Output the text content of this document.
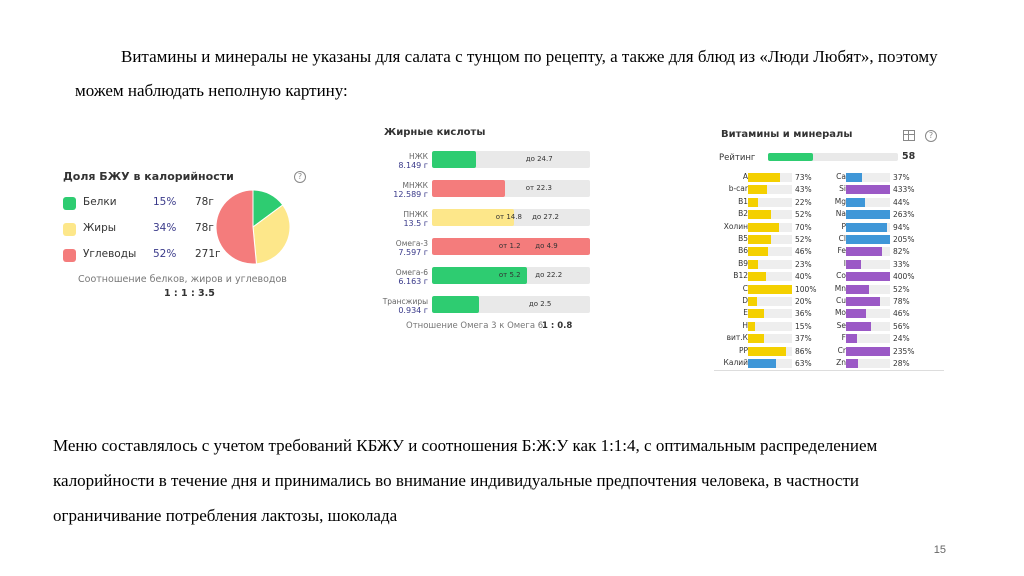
Витамины и минералы не указаны для салата с тунцом по рецепту, а также для блюд из «Люди Любят», поэтому можем наблюдать неполную картину:

Доля БЖУ в калорийности	?
Белки	15% 78г
Жиры	34% 78г
Углеводы 52% 271г
Соотношение белков, жиров и углеводов
1 : 1 : 3.5
Жирные кислоты
НЖК
8.149 г
до 24.7
МНЖК
12.589 г
от 22.3
ПНЖК
13.5 г
от 14.8 до 27.2
Омега-3
7.597 г
от 1.2 до 4.9
Омега-6
6.163 г
от 5.2 до 22.2
Трансжиры
0.934 г
до 2.5
Отношение Омега 3 к Омега 6
1 : 0.8
Витамины и минералы	?
Рейтинг	58
А	73%
b-car	43%
В1	22%
В2	52%
Холин	70%
В5	52%
В6	46%
В9	23%
В12	40%
C	100%
D	20%
E	36%
H	15%
вит.К	37%
PP	86%
Калий	63%
Ca	37%
Si	433%
Mg	44%
Na	263%
P	94%
Cl	205%
Fe	82%
I	33%
Co	400%
Mn	52%
Cu	78%
Mo	46%
Se	56%
F	24%
Cr	235%
Zn	28%

Меню составлялось с учетом требований КБЖУ и соотношения Б:Ж:У как 1:1:4, с оптимальным распределением калорийности в течение дня и принимались во внимание индивидуальные предпочтения человека, в частности ограничивание потребления лактозы, шоколада

15
